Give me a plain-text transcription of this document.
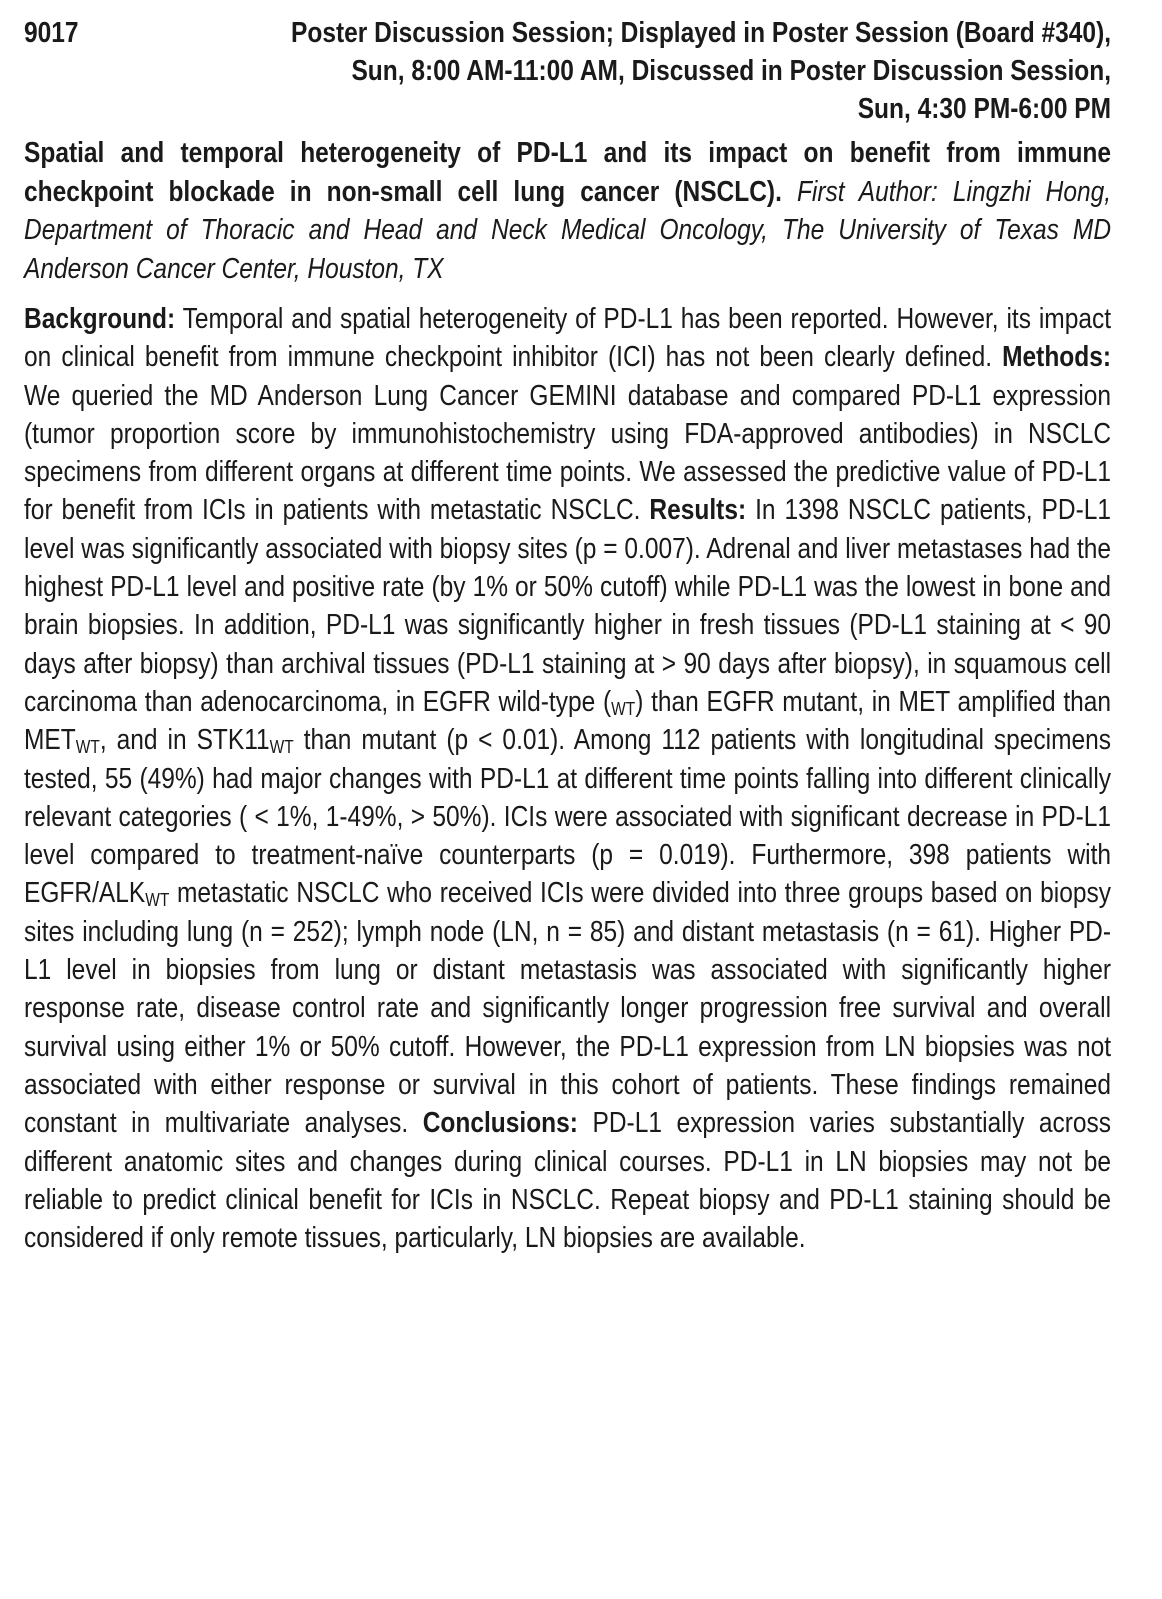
9017	Poster Discussion Session; Displayed in Poster Session (Board #340),
Sun, 8:00 AM-11:00 AM, Discussed in Poster Discussion Session,
Sun, 4:30 PM-6:00 PM
Spatial and temporal heterogeneity of PD-L1 and its impact on benefit from immune checkpoint blockade in non-small cell lung cancer (NSCLC). First Author: Lingzhi Hong, Department of Thoracic and Head and Neck Medical Oncology, The University of Texas MD Anderson Cancer Center, Houston, TX
Background: Temporal and spatial heterogeneity of PD-L1 has been reported. However, its impact on clinical benefit from immune checkpoint inhibitor (ICI) has not been clearly defined. Methods: We queried the MD Anderson Lung Cancer GEMINI database and compared PD-L1 expression (tumor proportion score by immunohistochemistry using FDA-approved antibodies) in NSCLC specimens from different organs at different time points. We assessed the predictive value of PD-L1 for benefit from ICIs in patients with metastatic NSCLC. Results: In 1398 NSCLC patients, PD-L1 level was significantly associated with biopsy sites (p = 0.007). Adrenal and liver metastases had the highest PD-L1 level and positive rate (by 1% or 50% cutoff) while PD-L1 was the lowest in bone and brain biopsies. In addition, PD-L1 was significantly higher in fresh tissues (PD-L1 staining at < 90 days after biopsy) than archival tissues (PD-L1 staining at > 90 days after biopsy), in squamous cell carcinoma than adenocarcinoma, in EGFR wild-type $(_{WT})$ than EGFR mutant, in MET amplified than $MET_{WT}$, and in $STK11_{WT}$ than mutant (p < 0.01). Among 112 patients with longitudinal specimens tested, 55 (49%) had major changes with PD-L1 at different time points falling into different clinically relevant categories ( < 1%, 1-49%, > 50%). ICIs were associated with significant decrease in PD-L1 level compared to treatment-naïve counterparts (p = 0.019). Furthermore, 398 patients with EGFR/$ALK_{WT}$ metastatic NSCLC who received ICIs were divided into three groups based on biopsy sites including lung (n = 252); lymph node (LN, n = 85) and distant metastasis (n = 61). Higher PD-L1 level in biopsies from lung or distant metastasis was associated with significantly higher response rate, disease control rate and significantly longer progression free survival and overall survival using either 1% or 50% cutoff. However, the PD-L1 expression from LN biopsies was not associated with either response or survival in this cohort of patients. These findings remained constant in multivariate analyses. Conclusions: PD-L1 expression varies substantially across different anatomic sites and changes during clinical courses. PD-L1 in LN biopsies may not be reliable to predict clinical benefit for ICIs in NSCLC. Repeat biopsy and PD-L1 staining should be considered if only remote tissues, particularly, LN biopsies are available.
